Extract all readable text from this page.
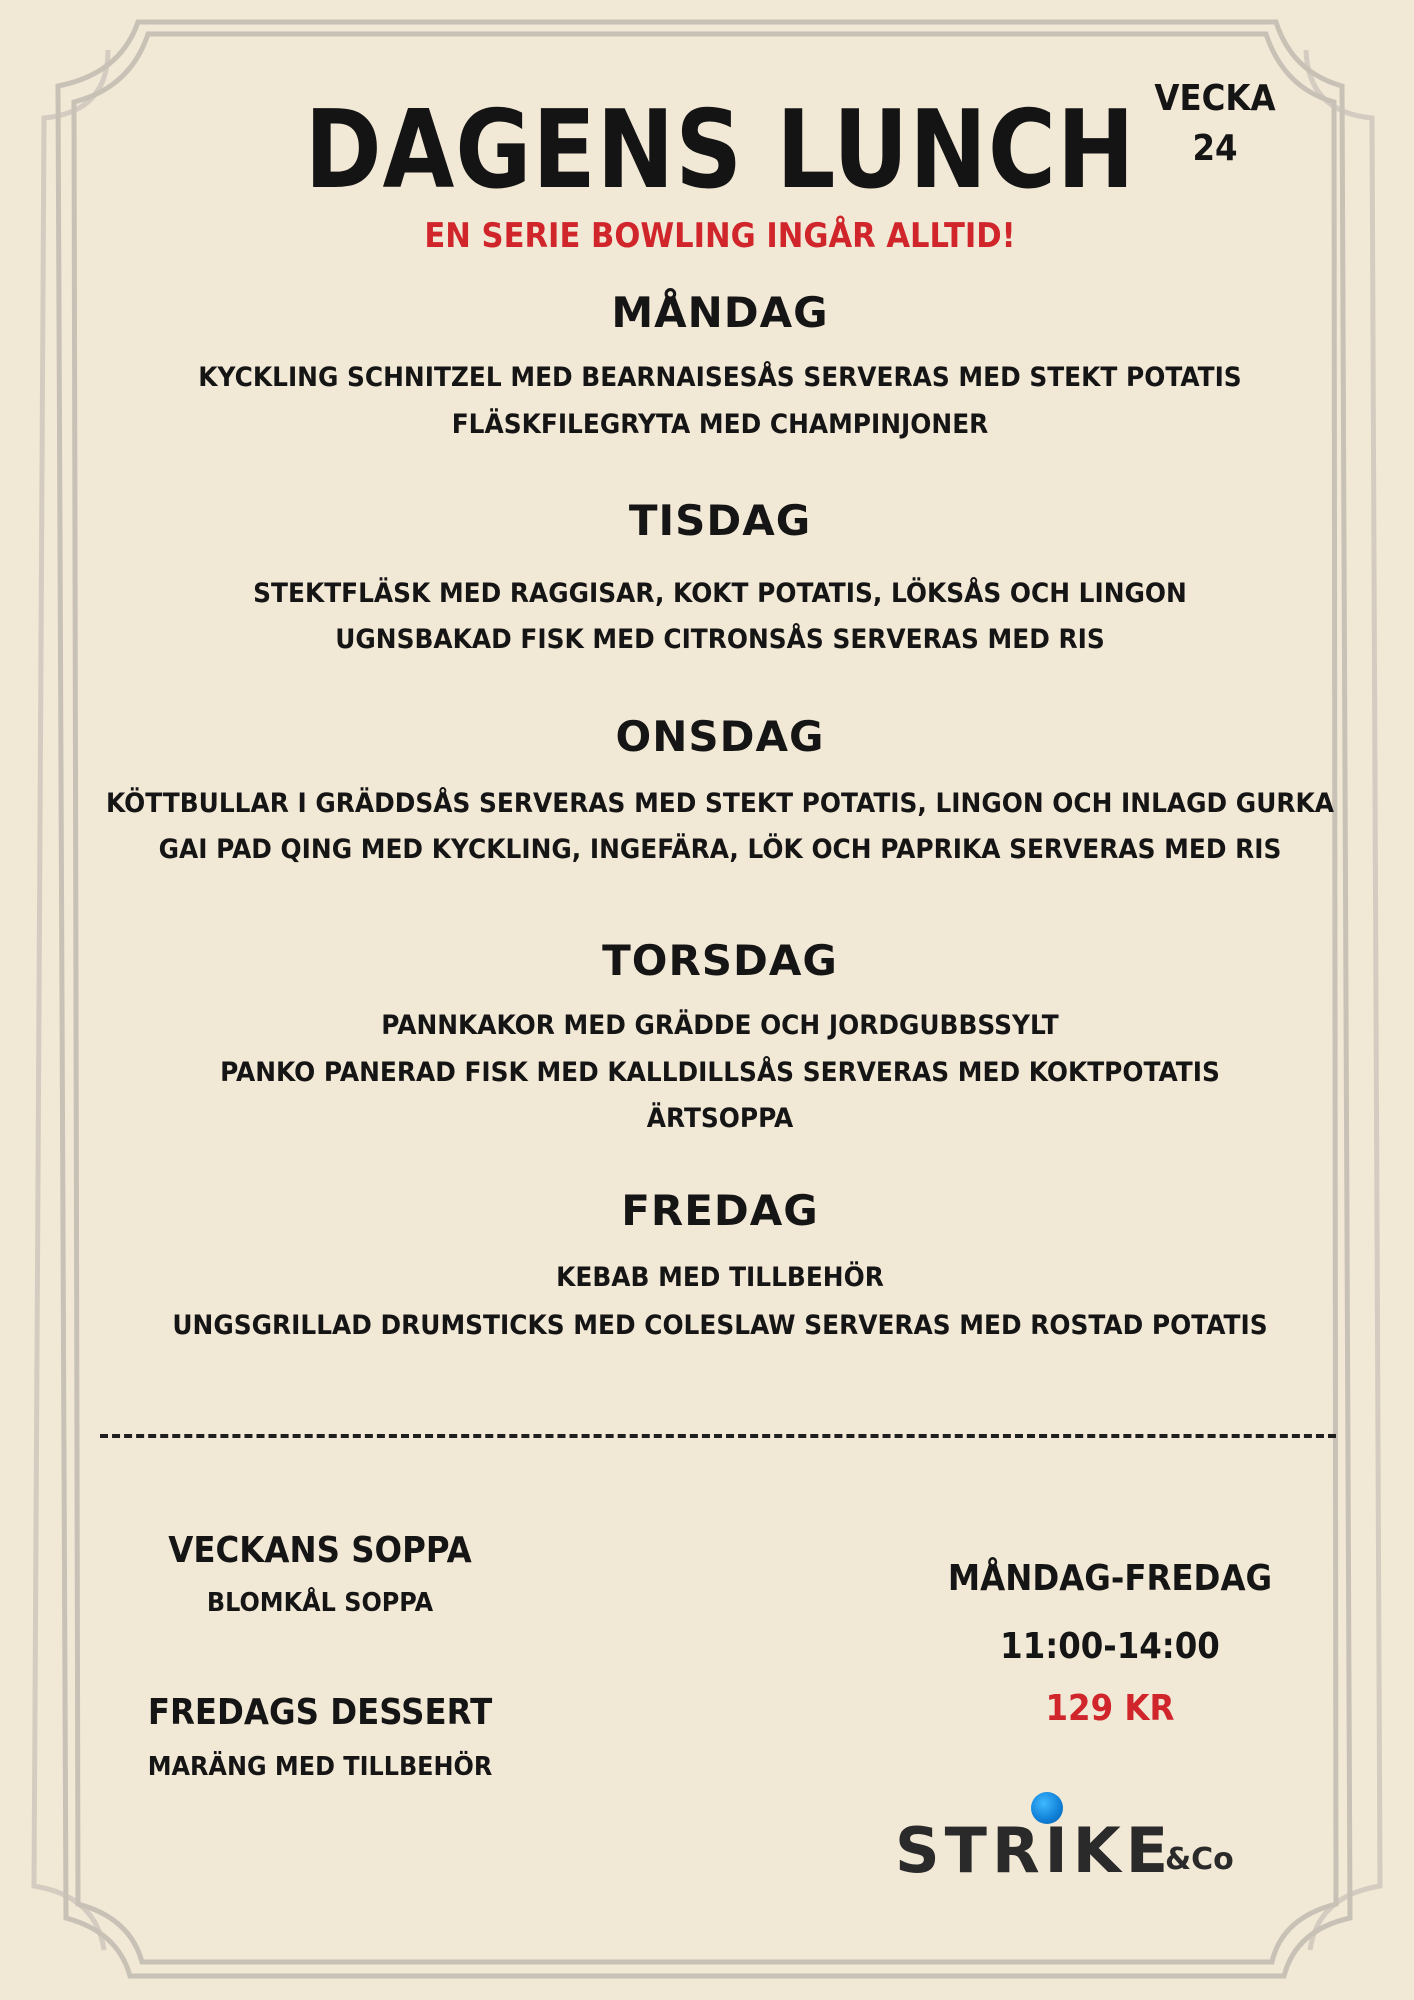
DAGENS LUNCH VECKA
24
EN SERIE BOWLING INGÅR ALLTID!
MÅNDAG
KYCKLING SCHNITZEL MED BEARNAISESÅS SERVERAS MED STEKT POTATIS
FLÄSKFILEGRYTA MED CHAMPINJONER
TISDAG
STEKTFLÄSK MED RAGGISAR, KOKT POTATIS, LÖKSÅS OCH LINGON
UGNSBAKAD FISK MED CITRONSÅS SERVERAS MED RIS
ONSDAG
KÖTTBULLAR I GRÄDDSÅS SERVERAS MED STEKT POTATIS, LINGON OCH INLAGD GURKA
GAI PAD QING MED KYCKLING, INGEFÄRA, LÖK OCH PAPRIKA SERVERAS MED RIS
TORSDAG
PANNKAKOR MED GRÄDDE OCH JORDGUBBSSYLT
PANKO PANERAD FISK MED KALLDILLSÅS SERVERAS MED KOKTPOTATIS
ÄRTSOPPA
FREDAG
KEBAB MED TILLBEHÖR
UNGSGRILLAD DRUMSTICKS MED COLESLAW SERVERAS MED ROSTAD POTATIS
VECKANS SOPPA
BLOMKÅL SOPPA
FREDAGS DESSERT
MARÄNG MED TILLBEHÖR
MÅNDAG-FREDAG
11:00-14:00
129 KR
STRIKE
&Co
